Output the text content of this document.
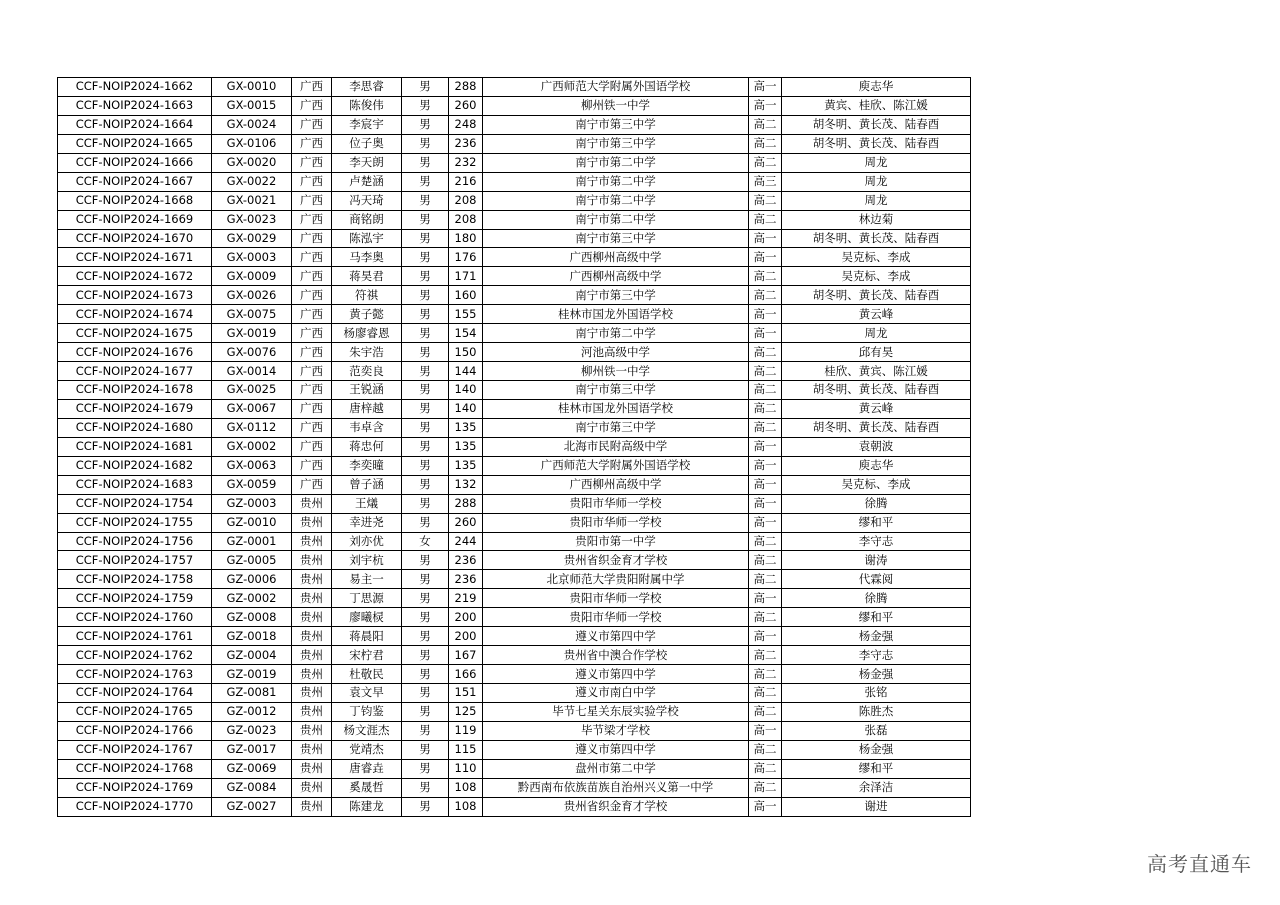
CCF-NOIP2024-1662	GX-0010	广西	李思睿	男	288	广西师范大学附属外国语学校	高一	庾志华
CCF-NOIP2024-1663	GX-0015	广西	陈俊伟	男	260	柳州铁一中学	高一	黄宾、桂欣、陈江媛
CCF-NOIP2024-1664	GX-0024	广西	李宸宇	男	248	南宁市第三中学	高二	胡冬明、黄长茂、陆春酉
CCF-NOIP2024-1665	GX-0106	广西	位子奥	男	236	南宁市第三中学	高二	胡冬明、黄长茂、陆春酉
CCF-NOIP2024-1666	GX-0020	广西	李天朗	男	232	南宁市第二中学	高二	周龙
CCF-NOIP2024-1667	GX-0022	广西	卢楚涵	男	216	南宁市第二中学	高三	周龙
CCF-NOIP2024-1668	GX-0021	广西	冯天琦	男	208	南宁市第二中学	高二	周龙
CCF-NOIP2024-1669	GX-0023	广西	商铭朗	男	208	南宁市第二中学	高二	林边菊
CCF-NOIP2024-1670	GX-0029	广西	陈泓宇	男	180	南宁市第三中学	高一	胡冬明、黄长茂、陆春酉
CCF-NOIP2024-1671	GX-0003	广西	马李奥	男	176	广西柳州高级中学	高一	吴克标、李成
CCF-NOIP2024-1672	GX-0009	广西	蒋昊君	男	171	广西柳州高级中学	高二	吴克标、李成
CCF-NOIP2024-1673	GX-0026	广西	符祺	男	160	南宁市第三中学	高二	胡冬明、黄长茂、陆春酉
CCF-NOIP2024-1674	GX-0075	广西	黄子懿	男	155	桂林市国龙外国语学校	高一	黄云峰
CCF-NOIP2024-1675	GX-0019	广西	杨廖睿恩	男	154	南宁市第二中学	高一	周龙
CCF-NOIP2024-1676	GX-0076	广西	朱宇浩	男	150	河池高级中学	高二	邱有昊
CCF-NOIP2024-1677	GX-0014	广西	范奕良	男	144	柳州铁一中学	高二	桂欣、黄宾、陈江媛
CCF-NOIP2024-1678	GX-0025	广西	王锐涵	男	140	南宁市第三中学	高二	胡冬明、黄长茂、陆春酉
CCF-NOIP2024-1679	GX-0067	广西	唐梓越	男	140	桂林市国龙外国语学校	高二	黄云峰
CCF-NOIP2024-1680	GX-0112	广西	韦卓含	男	135	南宁市第三中学	高二	胡冬明、黄长茂、陆春酉
CCF-NOIP2024-1681	GX-0002	广西	蒋忠何	男	135	北海市民附高级中学	高一	袁朝波
CCF-NOIP2024-1682	GX-0063	广西	李奕曈	男	135	广西师范大学附属外国语学校	高一	庾志华
CCF-NOIP2024-1683	GX-0059	广西	曾子涵	男	132	广西柳州高级中学	高一	吴克标、李成
CCF-NOIP2024-1754	GZ-0003	贵州	王燨	男	288	贵阳市华师一学校	高一	徐腾
CCF-NOIP2024-1755	GZ-0010	贵州	幸进尧	男	260	贵阳市华师一学校	高一	缪和平
CCF-NOIP2024-1756	GZ-0001	贵州	刘亦优	女	244	贵阳市第一中学	高二	李守志
CCF-NOIP2024-1757	GZ-0005	贵州	刘宇杭	男	236	贵州省织金育才学校	高二	谢涛
CCF-NOIP2024-1758	GZ-0006	贵州	易主一	男	236	北京师范大学贵阳附属中学	高二	代霖阅
CCF-NOIP2024-1759	GZ-0002	贵州	丁思源	男	219	贵阳市华师一学校	高一	徐腾
CCF-NOIP2024-1760	GZ-0008	贵州	廖曦棂	男	200	贵阳市华师一学校	高二	缪和平
CCF-NOIP2024-1761	GZ-0018	贵州	蒋晨阳	男	200	遵义市第四中学	高一	杨金强
CCF-NOIP2024-1762	GZ-0004	贵州	宋柠君	男	167	贵州省中澳合作学校	高二	李守志
CCF-NOIP2024-1763	GZ-0019	贵州	杜敬民	男	166	遵义市第四中学	高二	杨金强
CCF-NOIP2024-1764	GZ-0081	贵州	袁文早	男	151	遵义市南白中学	高二	张铭
CCF-NOIP2024-1765	GZ-0012	贵州	丁钧鉴	男	125	毕节七星关东辰实验学校	高二	陈胜杰
CCF-NOIP2024-1766	GZ-0023	贵州	杨文涯杰	男	119	毕节梁才学校	高一	张磊
CCF-NOIP2024-1767	GZ-0017	贵州	党靖杰	男	115	遵义市第四中学	高二	杨金强
CCF-NOIP2024-1768	GZ-0069	贵州	唐睿垚	男	110	盘州市第二中学	高二	缪和平
CCF-NOIP2024-1769	GZ-0084	贵州	奚晟哲	男	108	黔西南布依族苗族自治州兴义第一中学	高二	余泽洁
CCF-NOIP2024-1770	GZ-0027	贵州	陈建龙	男	108	贵州省织金育才学校	高一	谢进
高考直通车
